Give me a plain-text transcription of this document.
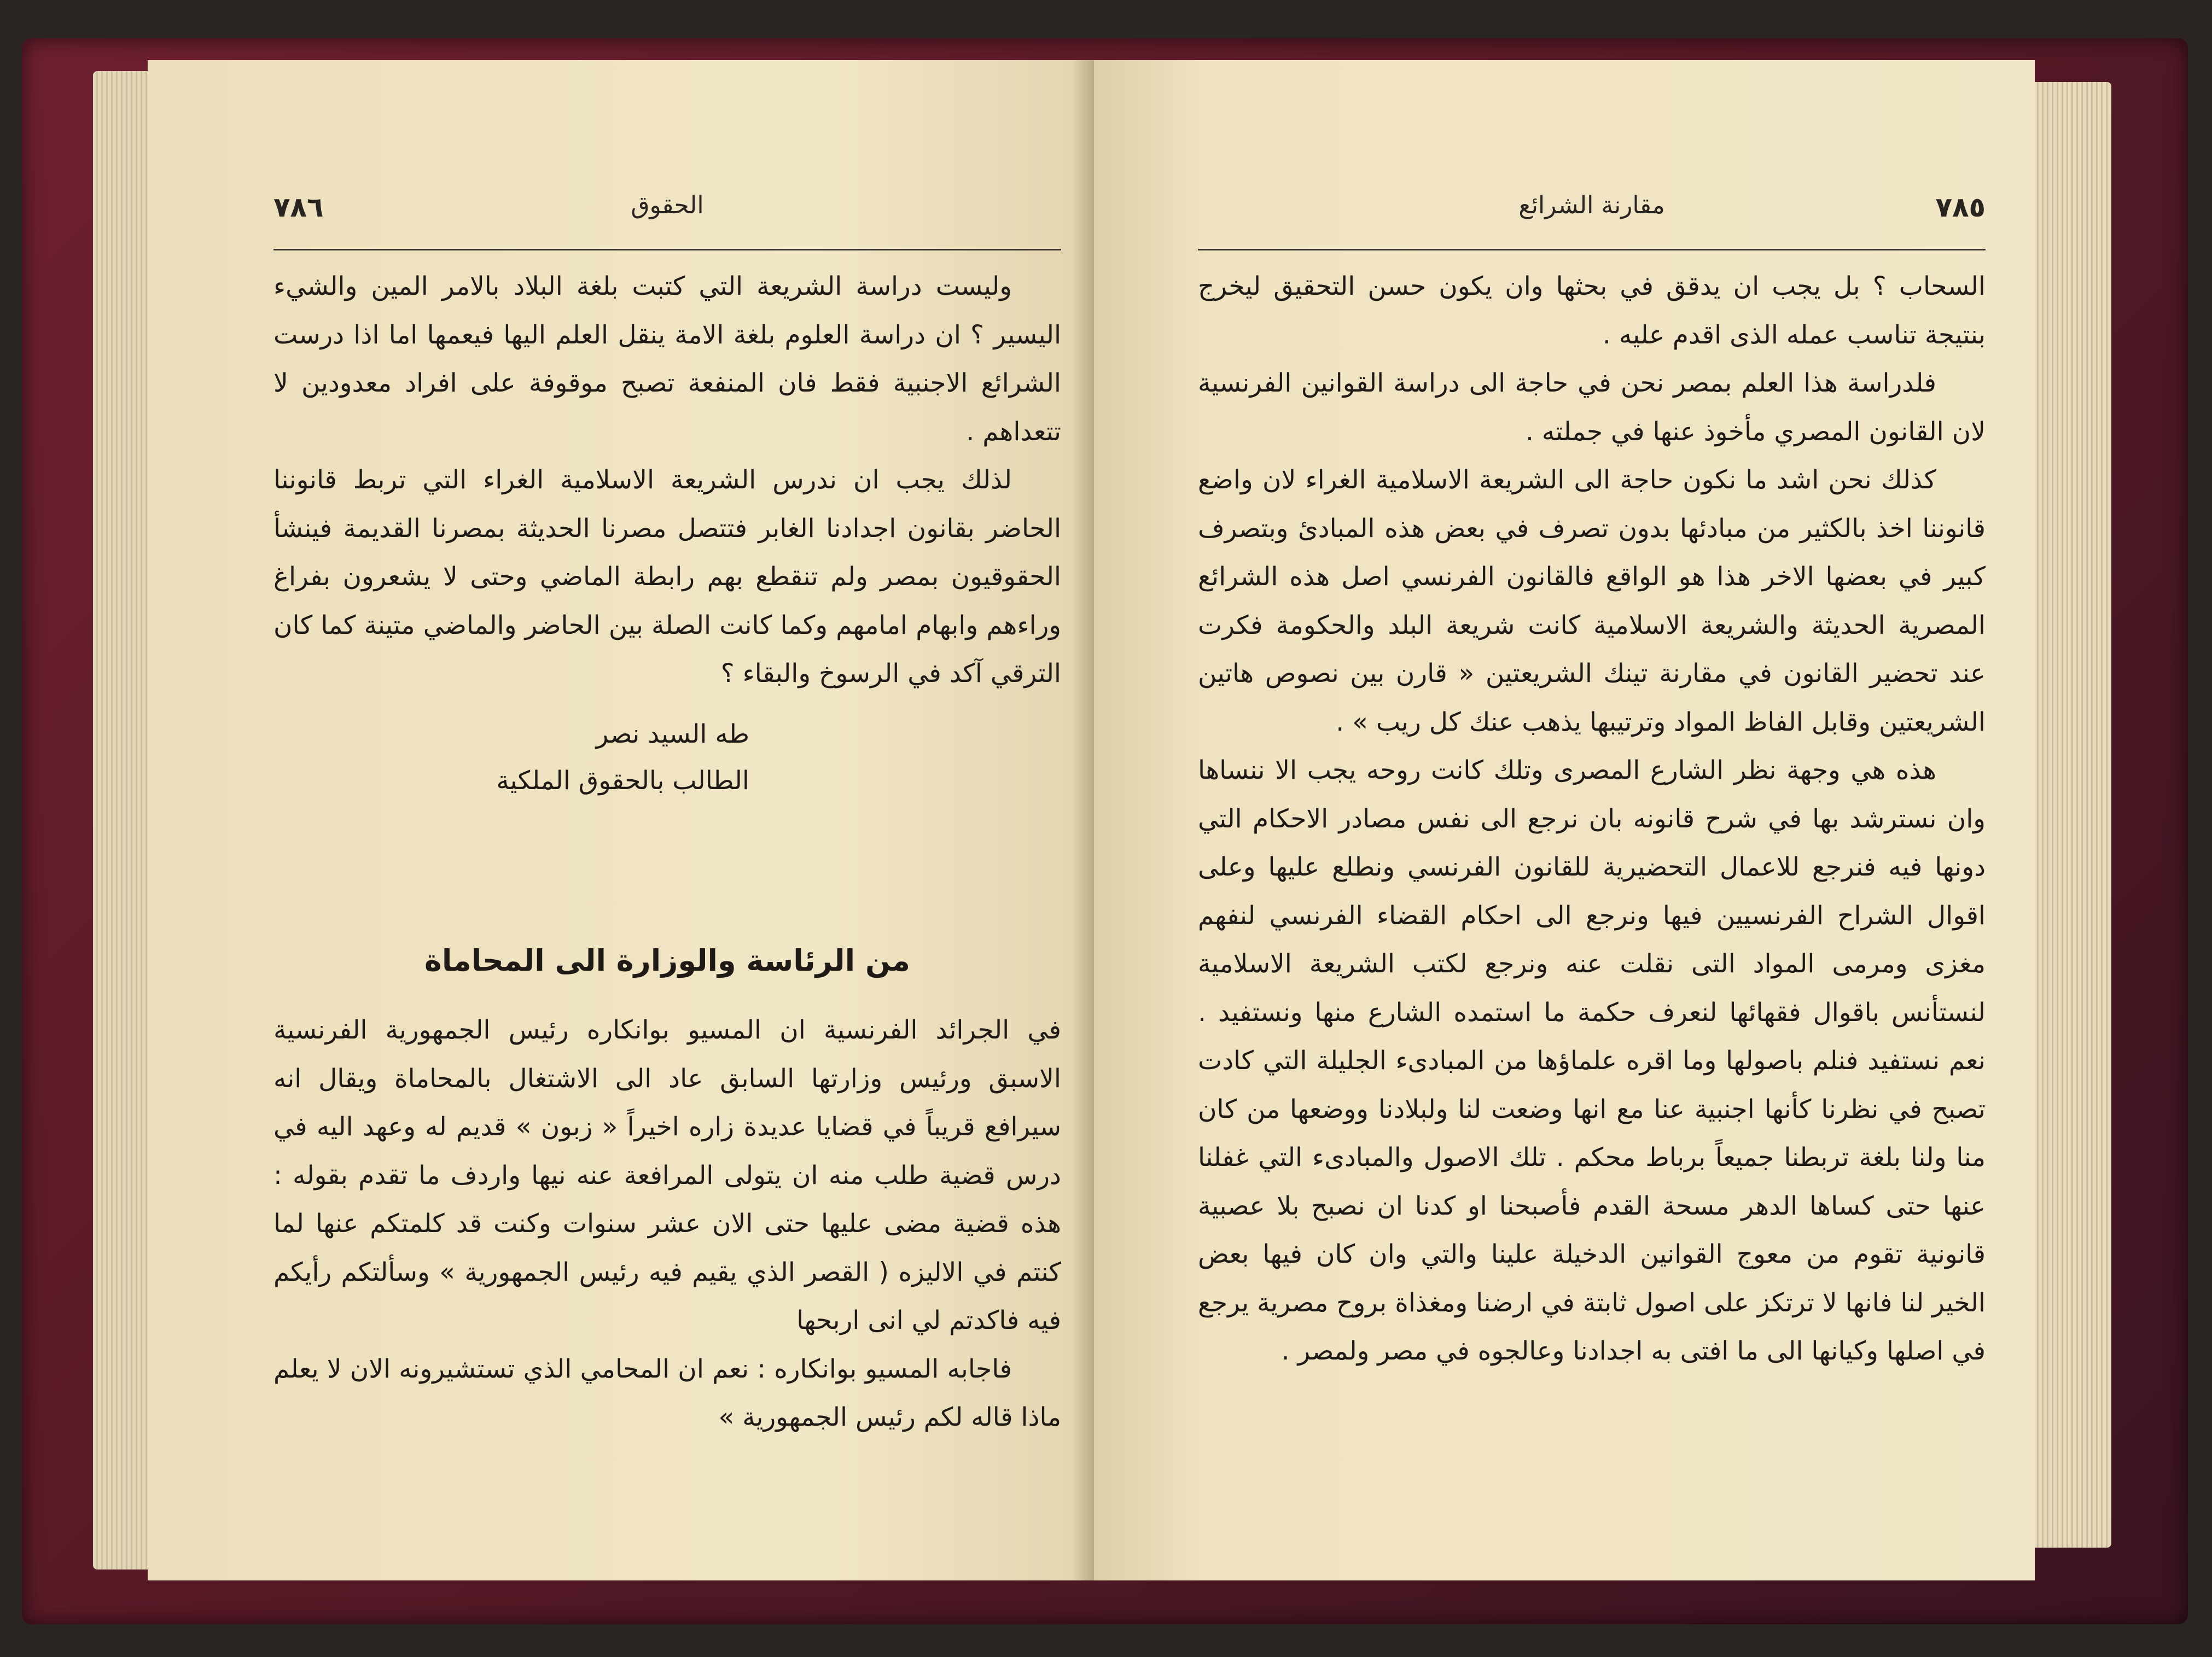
٧٨٦	الحقوق

وليست دراسة الشريعة التي كتبت بلغة البلاد بالامر المين والشيء اليسير ؟ ان دراسة العلوم بلغة الامة ينقل العلم اليها فيعمها اما اذا درست الشرائع الاجنبية فقط فان المنفعة تصبح موقوفة على افراد معدودين لا تتعداهم .

لذلك يجب ان ندرس الشريعة الاسلامية الغراء التي تربط قانوننا الحاضر بقانون اجدادنا الغابر فتتصل مصرنا الحديثة بمصرنا القديمة فينشأ الحقوقيون بمصر ولم تنقطع بهم رابطة الماضي وحتى لا يشعرون بفراغ وراءهم وابهام امامهم وكما كانت الصلة بين الحاضر والماضي متينة كما كان الترقي آكد في الرسوخ والبقاء ؟

طه السيد نصر
الطالب بالحقوق الملكية
من الرئاسة والوزارة الى المحاماة

في الجرائد الفرنسية ان المسيو بوانكاره رئيس الجمهورية الفرنسية الاسبق ورئيس وزارتها السابق عاد الى الاشتغال بالمحاماة ويقال انه سيرافع قريباً في قضايا عديدة زاره اخيراً « زبون » قديم له وعهد اليه في درس قضية طلب منه ان يتولى المرافعة عنه نيها واردف ما تقدم بقوله : هذه قضية مضى عليها حتى الان عشر سنوات وكنت قد كلمتكم عنها لما كنتم في الاليزه ( القصر الذي يقيم فيه رئيس الجمهورية » وسألتكم رأيكم فيه فاكدتم لي انى اربحها

فاجابه المسيو بوانكاره : نعم ان المحامي الذي تستشيرونه الان لا يعلم ماذا قاله لكم رئيس الجمهورية »

٧٨٥
مقارنة الشرائع

السحاب ؟ بل يجب ان يدقق في بحثها وان يكون حسن التحقيق ليخرج بنتيجة تناسب عمله الذى اقدم عليه .

فلدراسة هذا العلم بمصر نحن في حاجة الى دراسة القوانين الفرنسية لان القانون المصري مأخوذ عنها في جملته .

كذلك نحن اشد ما نكون حاجة الى الشريعة الاسلامية الغراء لان واضع قانوننا اخذ بالكثير من مبادئها بدون تصرف في بعض هذه المبادئ وبتصرف كبير في بعضها الاخر هذا هو الواقع فالقانون الفرنسي اصل هذه الشرائع المصرية الحديثة والشريعة الاسلامية كانت شريعة البلد والحكومة فكرت عند تحضير القانون في مقارنة تينك الشريعتين « قارن بين نصوص هاتين الشريعتين وقابل الفاظ المواد وترتيبها يذهب عنك كل ريب » .

هذه هي وجهة نظر الشارع المصرى وتلك كانت روحه يجب الا ننساها وان نسترشد بها في شرح قانونه بان نرجع الى نفس مصادر الاحكام التي دونها فيه فنرجع للاعمال التحضيرية للقانون الفرنسي ونطلع عليها وعلى اقوال الشراح الفرنسيين فيها ونرجع الى احكام القضاء الفرنسي لنفهم مغزى ومرمى المواد التى نقلت عنه ونرجع لكتب الشريعة الاسلامية لنستأنس باقوال فقهائها لنعرف حكمة ما استمده الشارع منها ونستفيد . نعم نستفيد فنلم باصولها وما اقره علماؤها من المبادىء الجليلة التي كادت تصبح في نظرنا كأنها اجنبية عنا مع انها وضعت لنا ولبلادنا ووضعها من كان منا ولنا بلغة تربطنا جميعاً برباط محكم . تلك الاصول والمبادىء التي غفلنا عنها حتى كساها الدهر مسحة القدم فأصبحنا او كدنا ان نصبح بلا عصبية قانونية تقوم من معوج القوانين الدخيلة علينا والتي وان كان فيها بعض الخير لنا فانها لا ترتكز على اصول ثابتة في ارضنا ومغذاة بروح مصرية يرجع في اصلها وكيانها الى ما افتى به اجدادنا وعالجوه في مصر ولمصر .
